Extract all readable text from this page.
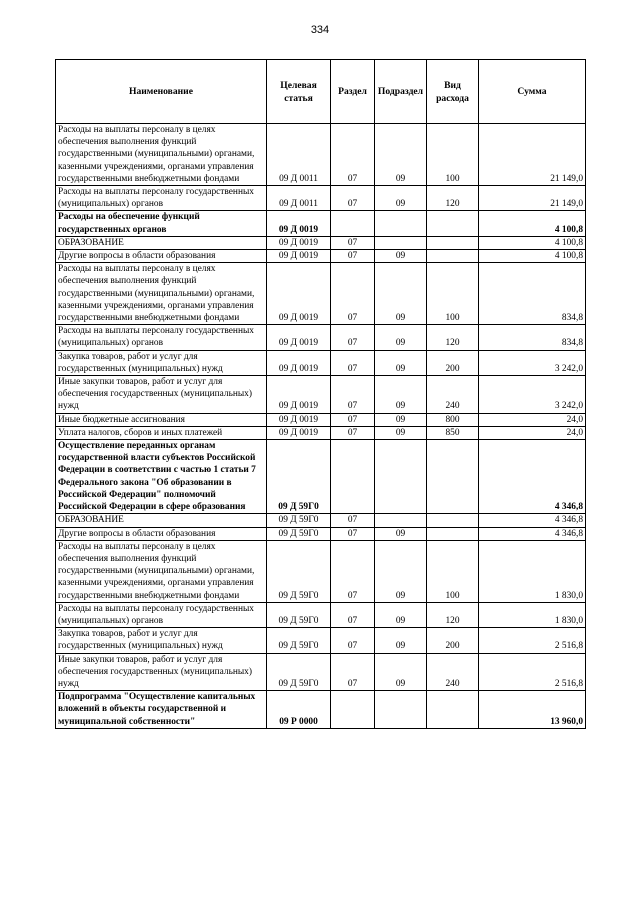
334
Наименование	Целевая статья	Раздел	Подраздел	Вид расхода	Сумма
Расходы на выплаты персоналу в целях обеспечения выполнения функций государственными (муниципальными) органами, казенными учреждениями, органами управления государственными внебюджетными фондами	09 Д 0011	07	09	100	21 149,0
Расходы на выплаты персоналу государственных (муниципальных) органов	09 Д 0011	07	09	120	21 149,0
Расходы на обеспечение функций государственных органов	09 Д 0019				4 100,8
ОБРАЗОВАНИЕ	09 Д 0019	07			4 100,8
Другие вопросы в области образования	09 Д 0019	07	09		4 100,8
Расходы на выплаты персоналу в целях обеспечения выполнения функций государственными (муниципальными) органами, казенными учреждениями, органами управления государственными внебюджетными фондами	09 Д 0019	07	09	100	834,8
Расходы на выплаты персоналу государственных (муниципальных) органов	09 Д 0019	07	09	120	834,8
Закупка товаров, работ и услуг для государственных (муниципальных) нужд	09 Д 0019	07	09	200	3 242,0
Иные закупки товаров, работ и услуг для обеспечения государственных (муниципальных) нужд	09 Д 0019	07	09	240	3 242,0
Иные бюджетные ассигнования	09 Д 0019	07	09	800	24,0
Уплата налогов, сборов и иных платежей	09 Д 0019	07	09	850	24,0
Осуществление переданных органам государственной власти субъектов Российской Федерации в соответствии с частью 1 статьи 7 Федерального закона "Об образовании в Российской Федерации" полномочий Российской Федерации в сфере образования	09 Д 59Г0				4 346,8
ОБРАЗОВАНИЕ	09 Д 59Г0	07			4 346,8
Другие вопросы в области образования	09 Д 59Г0	07	09		4 346,8
Расходы на выплаты персоналу в целях обеспечения выполнения функций государственными (муниципальными) органами, казенными учреждениями, органами управления государственными внебюджетными фондами	09 Д 59Г0	07	09	100	1 830,0
Расходы на выплаты персоналу государственных (муниципальных) органов	09 Д 59Г0	07	09	120	1 830,0
Закупка товаров, работ и услуг для государственных (муниципальных) нужд	09 Д 59Г0	07	09	200	2 516,8
Иные закупки товаров, работ и услуг для обеспечения государственных (муниципальных) нужд	09 Д 59Г0	07	09	240	2 516,8
Подпрограмма "Осуществление капитальных вложений в объекты государственной и муниципальной собственности"	09 Р 0000				13 960,0
